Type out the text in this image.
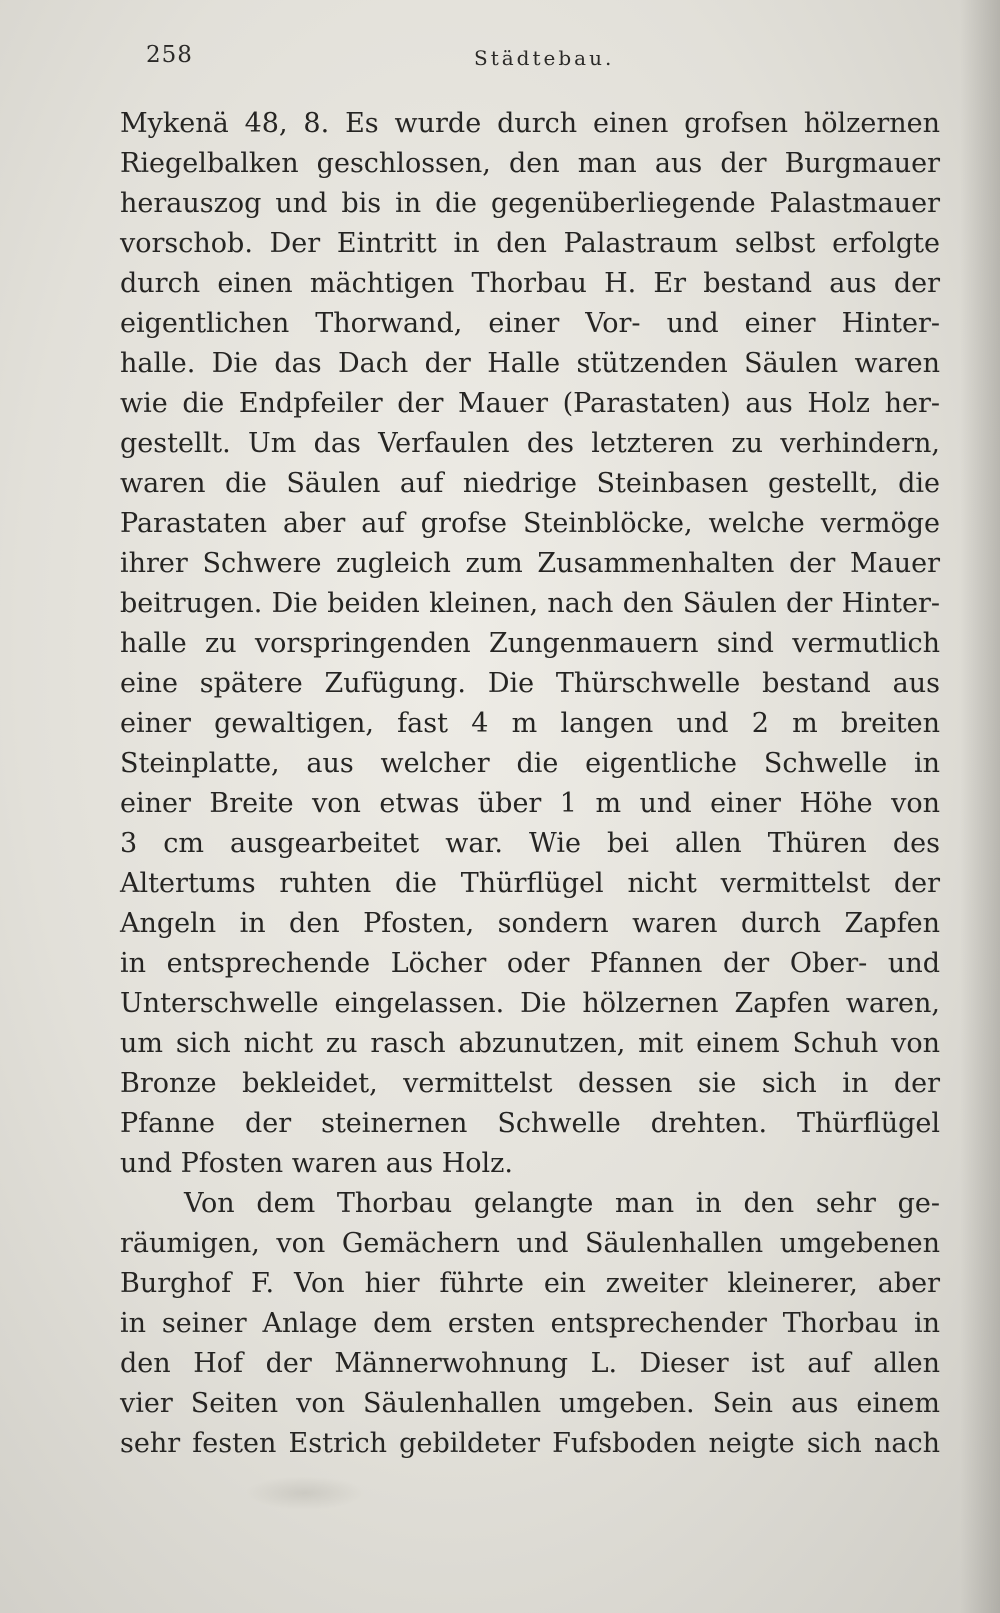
258	Städtebau.
Mykenä 48, 8. Es wurde durch einen grofsen hölzernen
Riegelbalken geschlossen, den man aus der Burgmauer
herauszog und bis in die gegenüberliegende Palastmauer
vorschob. Der Eintritt in den Palastraum selbst erfolgte
durch einen mächtigen Thorbau H. Er bestand aus der
eigentlichen Thorwand, einer Vor- und einer Hinter-
halle. Die das Dach der Halle stützenden Säulen waren
wie die Endpfeiler der Mauer (Parastaten) aus Holz her-
gestellt. Um das Verfaulen des letzteren zu verhindern,
waren die Säulen auf niedrige Steinbasen gestellt, die
Parastaten aber auf grofse Steinblöcke, welche vermöge
ihrer Schwere zugleich zum Zusammenhalten der Mauer
beitrugen. Die beiden kleinen, nach den Säulen der Hinter-
halle zu vorspringenden Zungenmauern sind vermutlich
eine spätere Zufügung. Die Thürschwelle bestand aus
einer gewaltigen, fast 4 m langen und 2 m breiten
Steinplatte, aus welcher die eigentliche Schwelle in
einer Breite von etwas über 1 m und einer Höhe von
3 cm ausgearbeitet war. Wie bei allen Thüren des
Altertums ruhten die Thürflügel nicht vermittelst der
Angeln in den Pfosten, sondern waren durch Zapfen
in entsprechende Löcher oder Pfannen der Ober- und
Unterschwelle eingelassen. Die hölzernen Zapfen waren,
um sich nicht zu rasch abzunutzen, mit einem Schuh von
Bronze bekleidet, vermittelst dessen sie sich in der
Pfanne der steinernen Schwelle drehten. Thürflügel
und Pfosten waren aus Holz.
Von dem Thorbau gelangte man in den sehr ge-
räumigen, von Gemächern und Säulenhallen umgebenen
Burghof F. Von hier führte ein zweiter kleinerer, aber
in seiner Anlage dem ersten entsprechender Thorbau in
den Hof der Männerwohnung L. Dieser ist auf allen
vier Seiten von Säulenhallen umgeben. Sein aus einem
sehr festen Estrich gebildeter Fufsboden neigte sich nach
